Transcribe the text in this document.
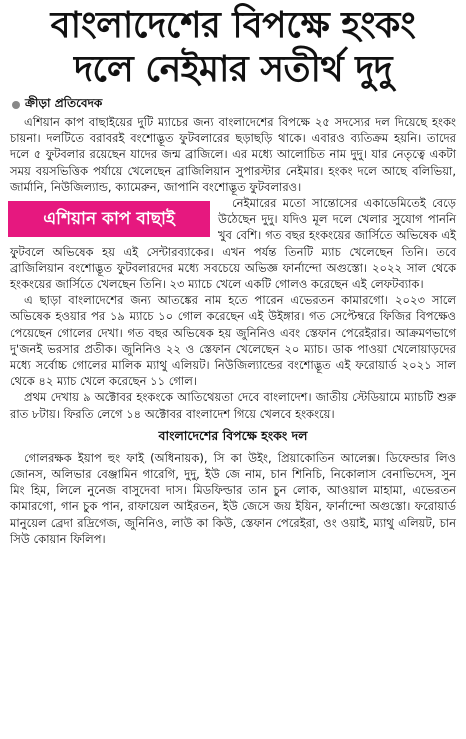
বাংলাদেশের বিপক্ষে হংকং
দলে নেইমার সতীর্থ দুদু
ক্রীড়া প্রতিবেদক

এশিয়ান কাপ বাছাইয়ের দুটি ম্যাচের জন্য বাংলাদেশের বিপক্ষে ২৫ সদস্যের দল দিয়েছে হংকং চায়না। দলটিতে বরাবরই বংশোদ্ভূত ফুটবলারের ছড়াছড়ি থাকে। এবারও ব্যতিক্রম হয়নি। তাদের দলে ৫ ফুটবলার রয়েছেন যাদের জন্ম ব্রাজিলে। এর মধ্যে আলোচিত নাম দুদু। যার নেতৃত্বে একটা সময় বয়সভিত্তিক পর্যায়ে খেলেছেন ব্রাজিলিয়ান সুপারস্টার নেইমার। হংকং দলে আছে বলিভিয়া, জার্মানি, নিউজিল্যান্ড, ক্যামেরুন, জাপানি বংশোদ্ভূত ফুটবলারও।

এশিয়ান কাপ বাছাই

নেইমারের মতো সান্তোসের একাডেমিতেই বেড়ে উঠেছেন দুদু। যদিও মূল দলে খেলার সুযোগ পাননি খুব বেশি। গত বছর হংকংয়ের জার্সিতে অভিষেক এই ফুটবলে অভিষেক হয় এই সেন্টারব্যাকের। এখন পর্যন্ত তিনটি ম্যাচ খেলেছেন তিনি। তবে ব্রাজিলিয়ান বংশোদ্ভূত ফুটবলারদের মধ্যে সবচেয়ে অভিজ্ঞ ফার্নান্দো অগুস্তো। ২০২২ সাল থেকে হংকংয়ের জার্সিতে খেলছেন তিনি। ২৩ ম্যাচে খেলে একটি গোলও করেছেন এই লেফটব্যাক।

এ ছাড়া বাংলাদেশের জন্য আতঙ্কের নাম হতে পারেন এভেরতন কামারগো। ২০২৩ সালে অভিষেক হওয়ার পর ১৯ ম্যাচে ১০ গোল করেছেন এই উইঙ্গার। গত সেপ্টেম্বরে ফিজির বিপক্ষেও পেয়েছেন গোলের দেখা। গত বছর অভিষেক হয় জুনিনিও এবং স্তেফান পেরেইরার। আক্রমণভাগে দু'জনই ভরসার প্রতীক। জুনিনিও ২২ ও স্তেফান খেলেছেন ২০ ম্যাচ। ডাক পাওয়া খেলোয়াড়দের মধ্যে সর্বোচ্চ গোলের মালিক ম্যাথু এলিয়ট। নিউজিল্যান্ডের বংশোদ্ভূত এই ফরোয়ার্ড ২০২১ সাল থেকে ৪২ ম্যাচ খেলে করেছেন ১১ গোল।

প্রথম দেখায় ৯ অক্টোবর হংকংকে আতিথেয়তা দেবে বাংলাদেশ। জাতীয় স্টেডিয়ামে ম্যাচটি শুরু রাত ৮টায়। ফিরতি লেগে ১৪ অক্টোবর বাংলাদেশ গিয়ে খেলবে হংকংয়ে।

বাংলাদেশের বিপক্ষে হংকং দল

গোলরক্ষক ইয়াপ হুং ফাই (অধিনায়ক), সি কা উইং, প্রিয়াকোতিন আলেক্স। ডিফেন্ডার লিও জোনস, অলিভার বেঞ্জামিন গারেগি, দুদু, ইউ জে নাম, চান শিনিচি, নিকোলাস বেনাভিদেস, সুন মিং হিম, লিলে নুনেজ বাসুদেবা দাস। মিডফিল্ডার তান চুন লোক, আওয়াল মাহামা, এভেরতন কামারগো, গান চুক পান, রাফায়েল আইরতন, ইউ জেসে জয় ইয়িন, ফার্নান্দো অগুস্তো। ফরোয়ার্ড মানুয়েল ব্রেদা রদ্রিগেজ, জুনিনিও, লাউ কা কিউ, স্তেফান পেরেইরা, ওং ওয়াই, ম্যাথু এলিয়ট, চান সিউ কোয়ান ফিলিপ।
